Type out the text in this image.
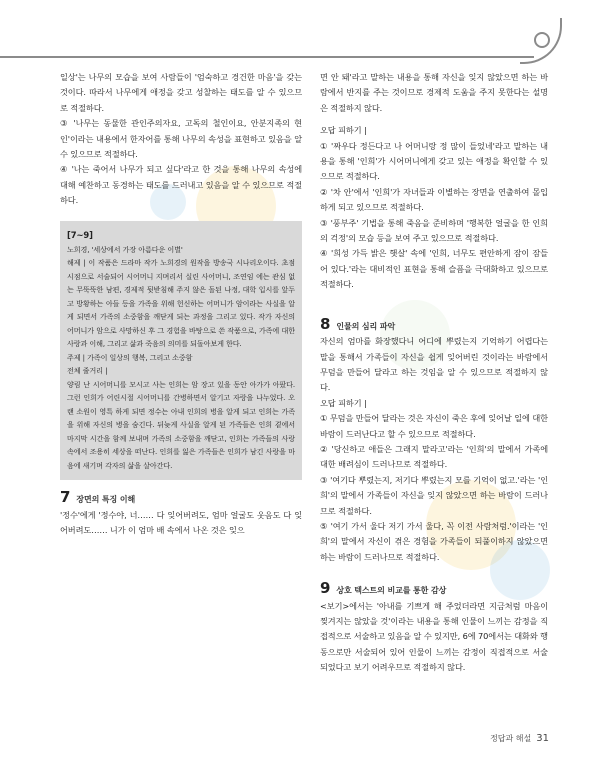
일상'는 나무의 모습을 보여 사람들이 '엄숙하고 경건한 마음'을 갖는 것이다. 따라서 나무에게 애정을 갖고 성찰하는 태도를 알 수 있으므로 적절하다.

③ '나무는 동물한 관인주의자요, 고독의 철인이요, 안분지족의 현인'이라는 내용에서 한자어를 통해 나무의 속성을 표현하고 있음을 알 수 있으므로 적절하다.

④ '나는 죽어서 나무가 되고 싶다'라고 한 것을 통해 나무의 속성에 대해 예찬하고 동경하는 태도를 드러내고 있음을 알 수 있으므로 적절하다.

[7~9]

노희경, '세상에서 가장 아름다운 이별'

해제 | 이 작품은 드라마 작가 노희경의 원작을 방송국 시나리오이다. 초점 시점으로 서술되어 시어머니 지며리서 실린 사어머니, 조연임 에는 관심 없는 무뚝뚝한 남편, 경제적 뒷받침해 주지 않은 돌된 나정, 대학 입시를 앞두고 방황하는 아들 등을 가족을 위해 헌신하는 어머니가 암이라는 사실을 알게 되면서 가족의 소중함을 깨닫게 되는 과정을 그리고 있다. 작가 자신의 어머니가 암으로 사망하신 후 그 경험을 바탕으로 쓴 작품으로, 가족에 대한 사랑과 이해, 그리고 삶과 죽음의 의미를 되돌아보게 한다.

주제 | 가족이 일상의 행복, 그리고 소중함

전체 줄거리 |

양림 난 시어머니를 모시고 사는 인희는 암 장고 있을 동안 아가가 아팠다. 그런 인희가 어린시절 시어머니를 간병하면서 알기고 자랑을 나누었다. 오랜 소원이 영특 하게 되면 정수는 아내 인희의 병을 알게 되고 인희는 가족을 위해 자신의 병을 숨긴다. 뒤늦게 사실을 알게 된 가족들은 인희 곁에서 마지막 시간을 함께 보내며 가족의 소중함을 깨닫고, 인희는 가족들의 사랑 속에서 조용히 세상을 떠난다. 인희를 잃은 가족들은 인희가 남긴 사랑을 마음에 새기며 각자의 삶을 살아간다.

7 장면의 특징 이해

'정수'에게 '정수야, 너…… 다 잊어버려도, 엄마 얼굴도 웃음도 다 잊어버려도…… 니가 이 엄마 배 속에서 나온 것은 잊으

면 안 돼'라고 말하는 내용을 통해 자신을 잊지 않았으면 하는 바람에서 반지를 주는 것이므로 경제적 도움을 주지 못한다는 설명은 적절하지 않다.

오답 피하기 |

① '짜우다 정든다고 나 어머니랑 정 많이 들었네'라고 말하는 내용을 통해 '인희'가 시어머니에게 갖고 있는 애정을 확인할 수 있으므로 적절하다.

② '차 안'에서 '인희'가 자녀들과 이별하는 장면을 연출하여 몰입하게 되고 있으므로 적절하다.

③ '풍부주' 기법을 통해 죽음을 준비하며 '행복한 얼굴을 한 인희의 걱정'의 모습 등을 보여 주고 있으므로 적절하다.

④ '희성 가득 밝은 햇살' 속에 '인희, 너무도 편안하게 잠이 잠들어 있다.'라는 대비적인 표현을 통해 슬픔을 극대화하고 있으므로 적절하다.

8 인물의 심리 파악

자신의 엄마를 화장했다니 어디에 뿌렸는지 기억하기 어렵다는 말을 통해서 가족들이 자신을 쉽게 잊어버린 것이라는 바람에서 무덤을 만들어 달라고 하는 것임을 알 수 있으므로 적절하지 않다.

오답 피하기 |

① 무덤을 만들어 달라는 것은 자신이 죽은 후에 잊어날 일에 대한 바람이 드러난다고 할 수 있으므로 적절하다.

② '당신하고 애들은 그래지 말라고'라는 '인희'의 말에서 가족에 대한 배려심이 드러나므로 적절하다.

③ '여기다 뿌렸는지, 저기다 뿌렸는지 모를 기억이 없고.'라는 '인희'의 말에서 가족들이 자신을 잊지 않았으면 하는 바람이 드러나므로 적절하다.

⑤ '여기 가서 울다 저기 가서 울다, 꼭 이전 사람처럼.'이라는 '인희'의 말에서 자신이 겪은 경험을 가족들이 되풀이하지 않았으면 하는 바람이 드러나므로 적절하다.

9 상호 텍스트의 비교를 통한 감상

<보기>에서는 '아내를 기쁘게 해 주었더라면 지금처럼 마음이 찢겨지는 않았을 것'이라는 내용을 통해 인물이 느끼는 감정을 직접적으로 서술하고 있음을 알 수 있지만, 6에 70에서는 대화와 행동으로만 서술되어 있어 인물이 느끼는 감정이 직접적으로 서술되었다고 보기 어려우므로 적절하지 않다.

정답과 해설 31
